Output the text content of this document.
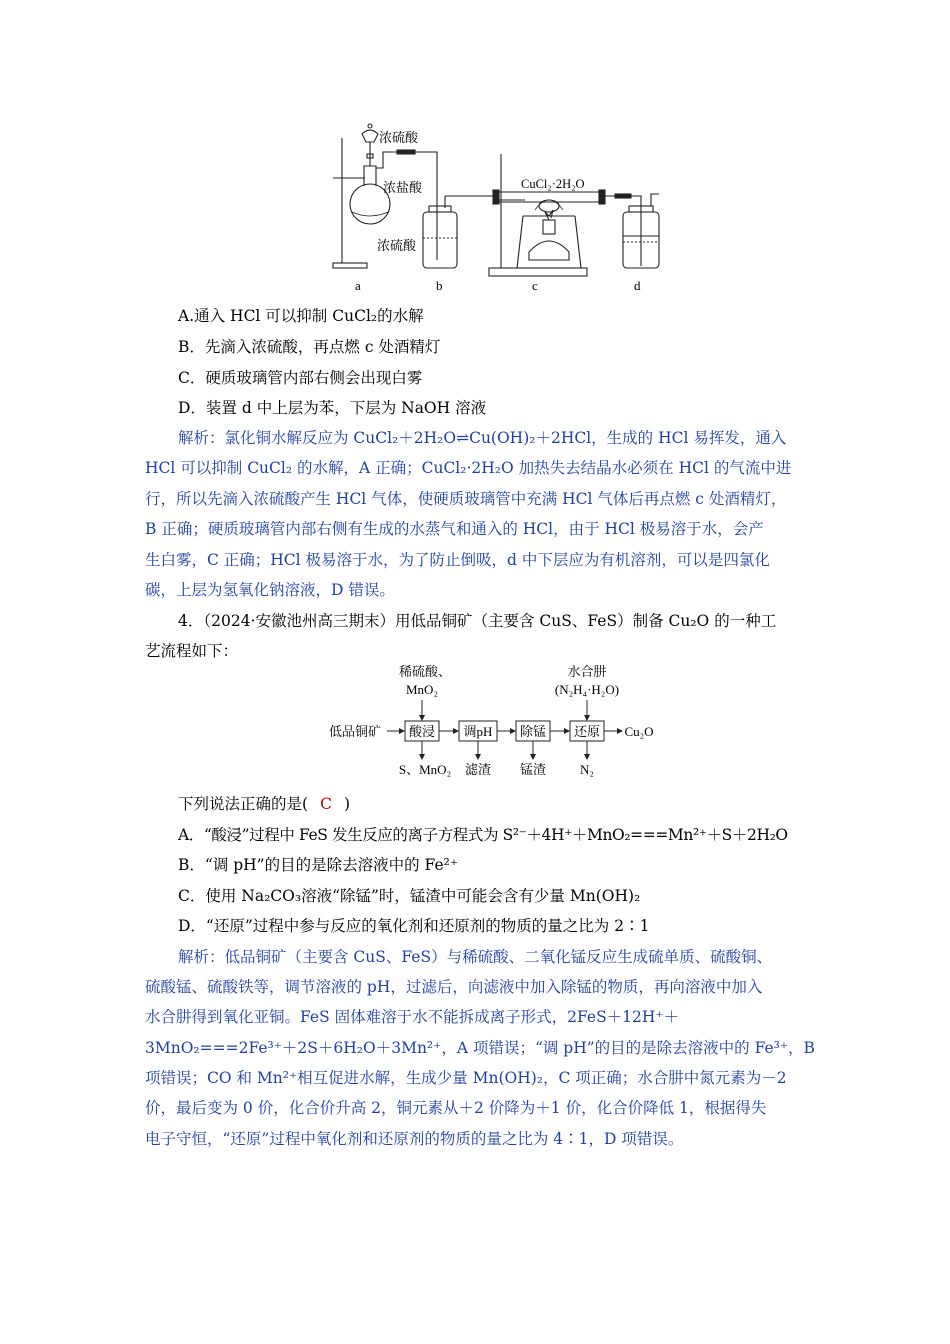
浓硫酸
浓盐酸
浓硫酸
CuCl₂·2H₂O
a	b	c	d
A.通入 HCl 可以抑制 CuCl₂的水解
B．先滴入浓硫酸，再点燃 c 处酒精灯
C．硬质玻璃管内部右侧会出现白雾
D．装置 d 中上层为苯，下层为 NaOH 溶液
解析：氯化铜水解反应为 CuCl₂＋2H₂O⇌Cu(OH)₂＋2HCl，生成的 HCl 易挥发，通入
HCl 可以抑制 CuCl₂ 的水解，A 正确；CuCl₂·2H₂O 加热失去结晶水必须在 HCl 的气流中进
行，所以先滴入浓硫酸产生 HCl 气体，使硬质玻璃管中充满 HCl 气体后再点燃 c 处酒精灯，
B 正确；硬质玻璃管内部右侧有生成的水蒸气和通入的 HCl，由于 HCl 极易溶于水，会产
生白雾，C 正确；HCl 极易溶于水，为了防止倒吸，d 中下层应为有机溶剂，可以是四氯化
碳，上层为氢氧化钠溶液，D 错误。
4．（2024·安徽池州高三期末）用低品铜矿（主要含 CuS、FeS）制备 Cu₂O 的一种工
艺流程如下：
稀硫酸、
MnO₂
水合肼
(N₂H₄·H₂O)
低品铜矿 酸浸 调pH 除锰 还原 Cu₂O
S、MnO₂ 滤渣 锰渣	N₂
下列说法正确的是( C )
A．“酸浸”过程中 FeS 发生反应的离子方程式为 S²⁻＋4H⁺＋MnO₂===Mn²⁺＋S＋2H₂O
B．“调 pH”的目的是除去溶液中的 Fe²⁺
C．使用 Na₂CO₃溶液“除锰”时，锰渣中可能会含有少量 Mn(OH)₂
D．“还原”过程中参与反应的氧化剂和还原剂的物质的量之比为 2∶1
解析：低品铜矿（主要含 CuS、FeS）与稀硫酸、二氧化锰反应生成硫单质、硫酸铜、
硫酸锰、硫酸铁等，调节溶液的 pH，过滤后，向滤液中加入除锰的物质，再向溶液中加入
水合肼得到氧化亚铜。FeS 固体难溶于水不能拆成离子形式，2FeS＋12H⁺＋
3MnO₂===2Fe³⁺＋2S＋6H₂O＋3Mn²⁺，A 项错误；“调 pH”的目的是除去溶液中的 Fe³⁺，B
项错误；CO 和 Mn²⁺相互促进水解，生成少量 Mn(OH)₂，C 项正确；水合肼中氮元素为－2
价，最后变为 0 价，化合价升高 2，铜元素从＋2 价降为＋1 价，化合价降低 1，根据得失
电子守恒，“还原”过程中氧化剂和还原剂的物质的量之比为 4∶1，D 项错误。
